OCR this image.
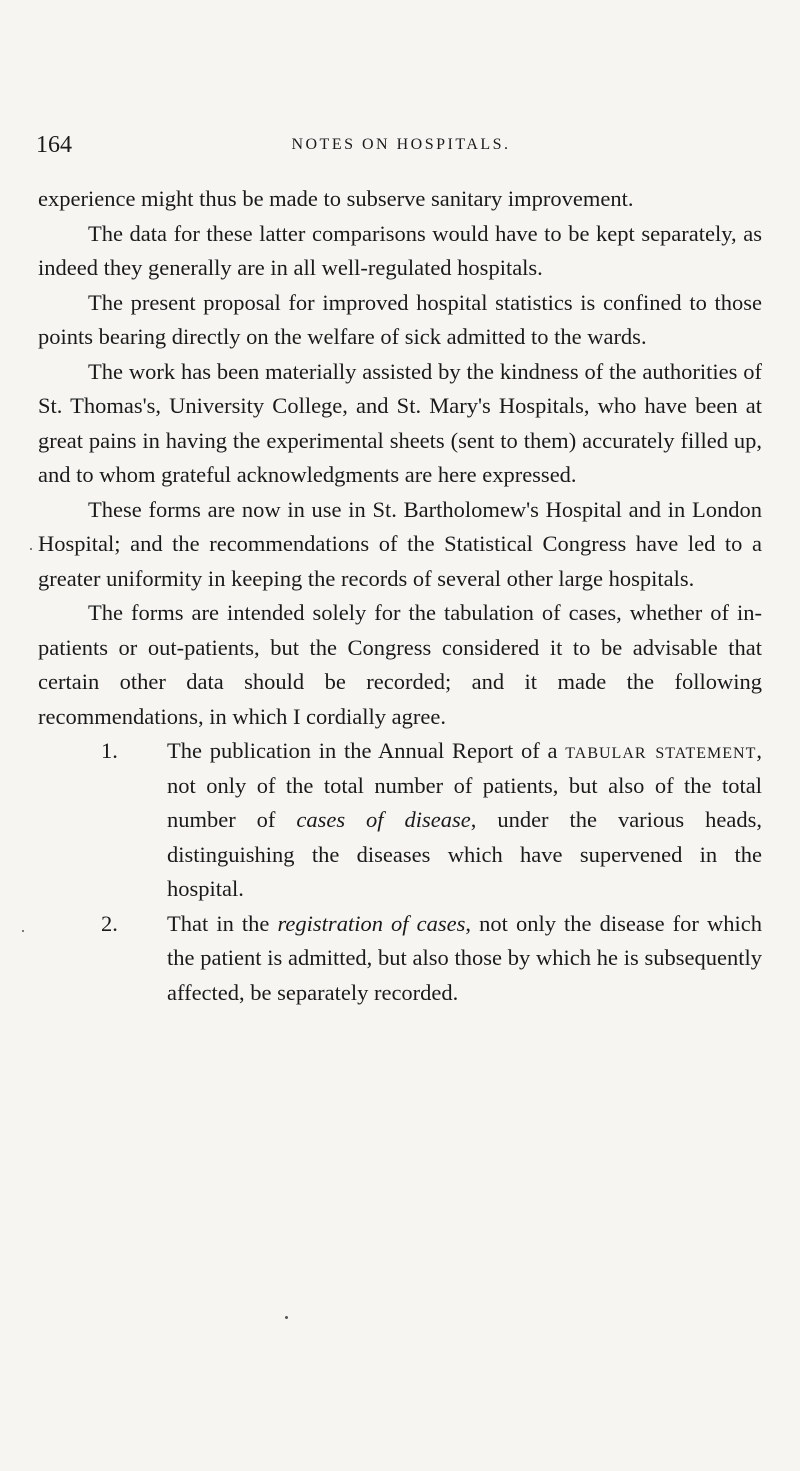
164	NOTES ON HOSPITALS.

experience might thus be made to subserve sanitary improvement.

The data for these latter comparisons would have to be kept separately, as indeed they generally are in all well-regulated hospitals.

The present proposal for improved hospital statistics is confined to those points bearing directly on the welfare of sick admitted to the wards.

The work has been materially assisted by the kindness of the authorities of St. Thomas's, University College, and St. Mary's Hospitals, who have been at great pains in having the experimental sheets (sent to them) accurately filled up, and to whom grateful acknowledgments are here expressed.

These forms are now in use in St. Bartholomew's Hospital and in London Hospital; and the recommendations of the Statistical Congress have led to a greater uniformity in keeping the records of several other large hospitals.

The forms are intended solely for the tabulation of cases, whether of in-patients or out-patients, but the Congress considered it to be advisable that certain other data should be recorded; and it made the following recommendations, in which I cordially agree.

1. The publication in the Annual Report of a tabular statement, not only of the total number of patients, but also of the total number of cases of disease, under the various heads, distinguishing the diseases which have supervened in the hospital.
2. That in the registration of cases, not only the disease for which the patient is admitted, but also those by which he is subsequently affected, be separately recorded.
